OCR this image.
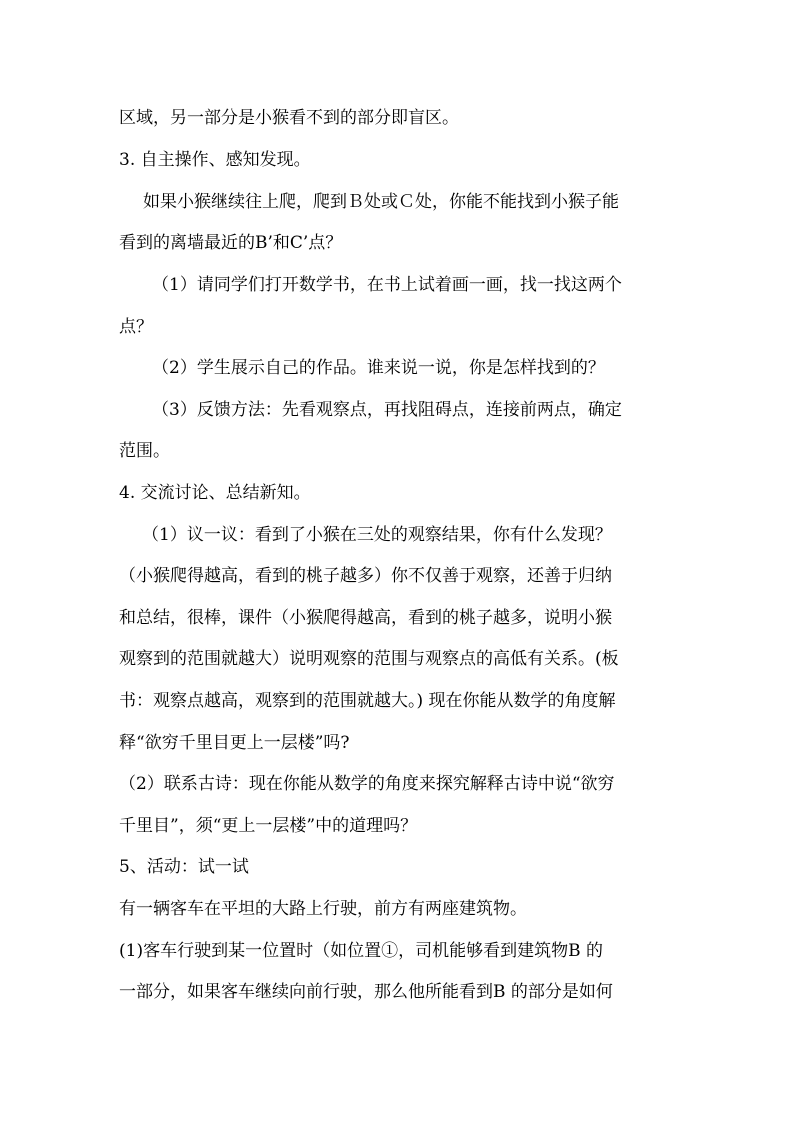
区域，另一部分是小猴看不到的部分即盲区。
3. 自主操作、感知发现。
如果小猴继续往上爬，爬到Ｂ处或Ｃ处，你能不能找到小猴子能
看到的离墙最近的B’和C’点？
（1）请同学们打开数学书，在书上试着画一画，找一找这两个
点？
（2）学生展示自己的作品。谁来说一说，你是怎样找到的？
（3）反馈方法：先看观察点，再找阻碍点，连接前两点，确定
范围。
4. 交流讨论、总结新知。
（1）议一议：看到了小猴在三处的观察结果，你有什么发现？
（小猴爬得越高，看到的桃子越多）你不仅善于观察，还善于归纳
和总结，很棒，课件（小猴爬得越高，看到的桃子越多，说明小猴
观察到的范围就越大）说明观察的范围与观察点的高低有关系。(板
书：观察点越高，观察到的范围就越大。) 现在你能从数学的角度解
释“欲穷千里目更上一层楼”吗?
（2）联系古诗：现在你能从数学的角度来探究解释古诗中说“欲穷
千里目”，须“更上一层楼”中的道理吗？
5、活动：试一试
有一辆客车在平坦的大路上行驶，前方有两座建筑物。
(1)客车行驶到某一位置时（如位置①，司机能够看到建筑物B 的
一部分，如果客车继续向前行驶，那么他所能看到B 的部分是如何
